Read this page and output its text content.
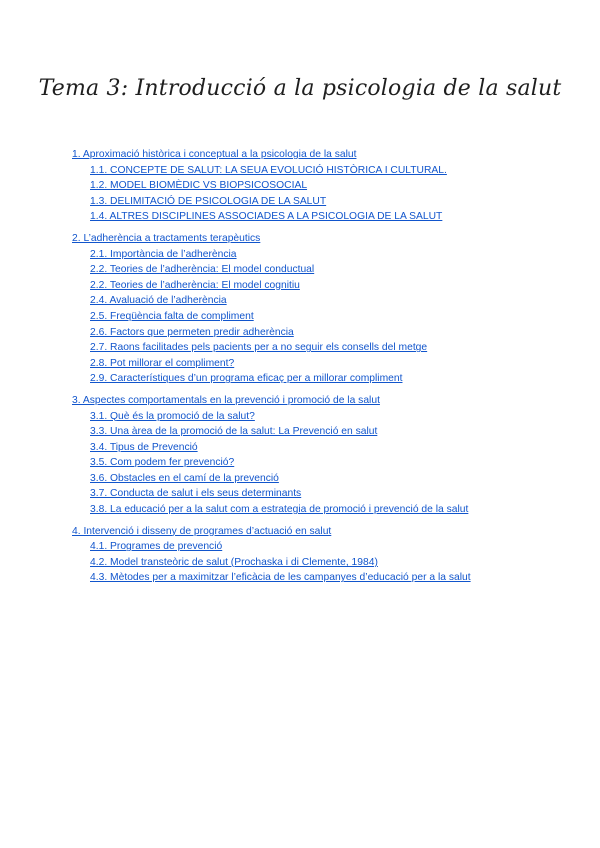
Tema 3: Introducció a la psicologia de la salut
1. Aproximació històrica i conceptual a la psicologia de la salut
1.1. CONCEPTE DE SALUT: LA SEUA EVOLUCIÓ HISTÒRICA I CULTURAL.
1.2. MODEL BIOMÈDIC VS BIOPSICOSOCIAL
1.3. DELIMITACIÓ DE PSICOLOGIA DE LA SALUT
1.4. ALTRES DISCIPLINES ASSOCIADES A LA PSICOLOGIA DE LA SALUT
2. L’adherència a tractaments terapèutics
2.1. Importància de l’adherència
2.2. Teories de l’adherència: El model conductual
2.2. Teories de l’adherència: El model cognitiu
2.4. Avaluació de l’adherència
2.5. Freqüència falta de compliment
2.6. Factors que permeten predir adherència
2.7. Raons facilitades pels pacients per a no seguir els consells del metge
2.8. Pot millorar el compliment?
2.9. Característiques d’un programa eficaç per a millorar compliment
3. Aspectes comportamentals en la prevenció i promoció de la salut
3.1. Què és la promoció de la salut?
3.3. Una àrea de la promoció de la salut: La Prevenció en salut
3.4. Tipus de Prevenció
3.5. Com podem fer prevenció?
3.6. Obstacles en el camí de la prevenció
3.7. Conducta de salut i els seus determinants
3.8. La educació per a la salut com a estrategia de promoció i prevenció de la salut
4. Intervenció i disseny de programes d’actuació en salut
4.1. Programes de prevenció
4.2. Model transteòric de salut (Prochaska i di Clemente, 1984)
4.3. Mètodes per a maximitzar l’eficàcia de les campanyes d’educació per a la salut
